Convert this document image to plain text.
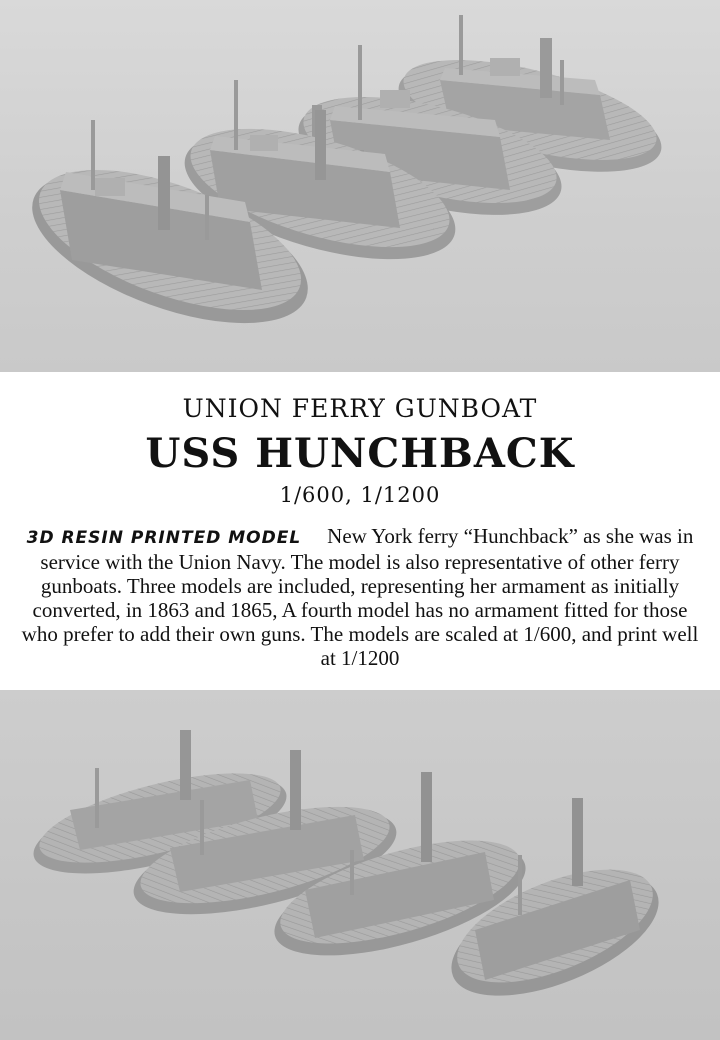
UNION FERRY GUNBOAT
USS HUNCHBACK
1/600, 1/1200
3D RESIN PRINTED MODEL New York ferry “Hunchback” as she was in service with the Union Navy. The model is also representative of other ferry gunboats. Three models are included, representing her armament as initially converted, in 1863 and 1865, A fourth model has no armament fitted for those who prefer to add their own guns. The models are scaled at 1/600, and print well at 1/1200
